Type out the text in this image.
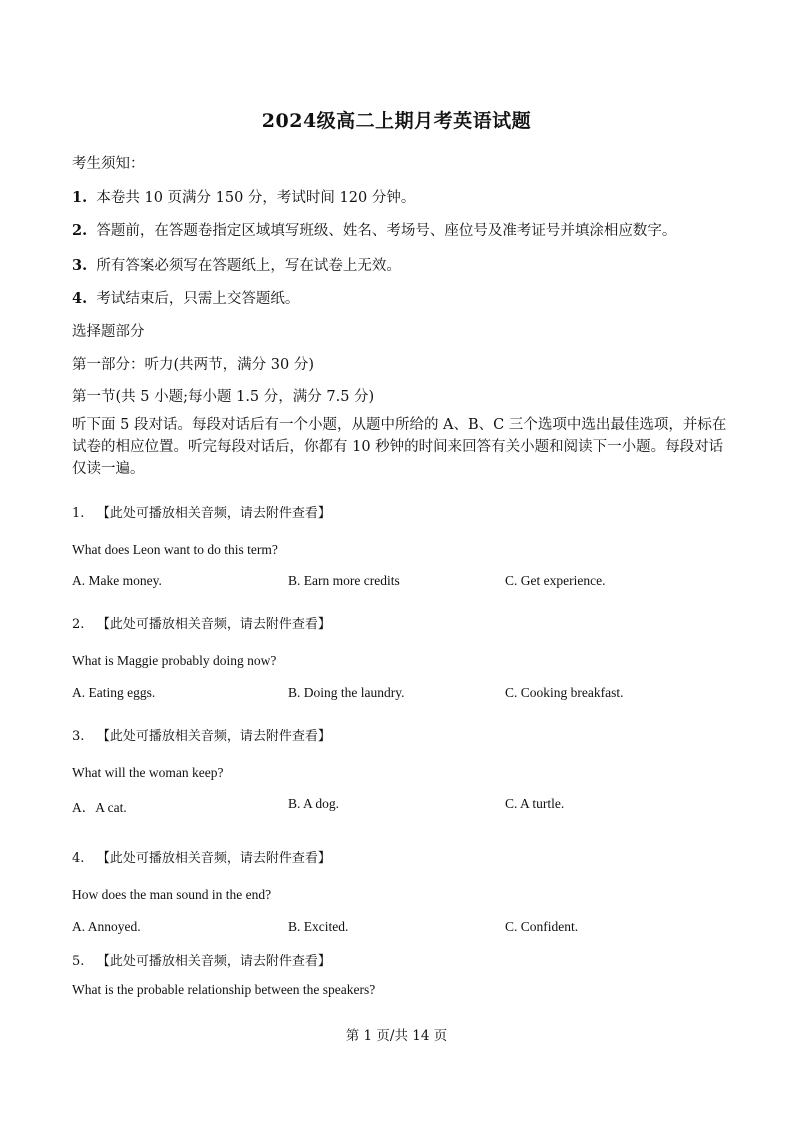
2024级高二上期月考英语试题
考生须知：
1. 本卷共 10 页满分 150 分，考试时间 120 分钟。
2. 答题前，在答题卷指定区域填写班级、姓名、考场号、座位号及准考证号并填涂相应数字。
3. 所有答案必须写在答题纸上，写在试卷上无效。
4. 考试结束后，只需上交答题纸。
选择题部分
第一部分：听力(共两节，满分 30 分)
第一节(共 5 小题;每小题 1.5 分，满分 7.5 分)
听下面 5 段对话。每段对话后有一个小题，从题中所给的 A、B、C 三个选项中选出最佳选项，并标在试卷的相应位置。听完每段对话后，你都有 10 秒钟的时间来回答有关小题和阅读下一小题。每段对话仅读一遍。
1. 【此处可播放相关音频，请去附件查看】
What does Leon want to do this term?
A. Make money.	B. Earn more credits	C. Get experience.
2. 【此处可播放相关音频，请去附件查看】
What is Maggie probably doing now?
A. Eating eggs.	B. Doing the laundry.	C. Cooking breakfast.
3. 【此处可播放相关音频，请去附件查看】
What will the woman keep?
A．A cat.	B. A dog.	C. A turtle.
4. 【此处可播放相关音频，请去附件查看】
How does the man sound in the end?
A. Annoyed.	B. Excited.	C. Confident.
5. 【此处可播放相关音频，请去附件查看】
What is the probable relationship between the speakers?
第 1 页/共 14 页
